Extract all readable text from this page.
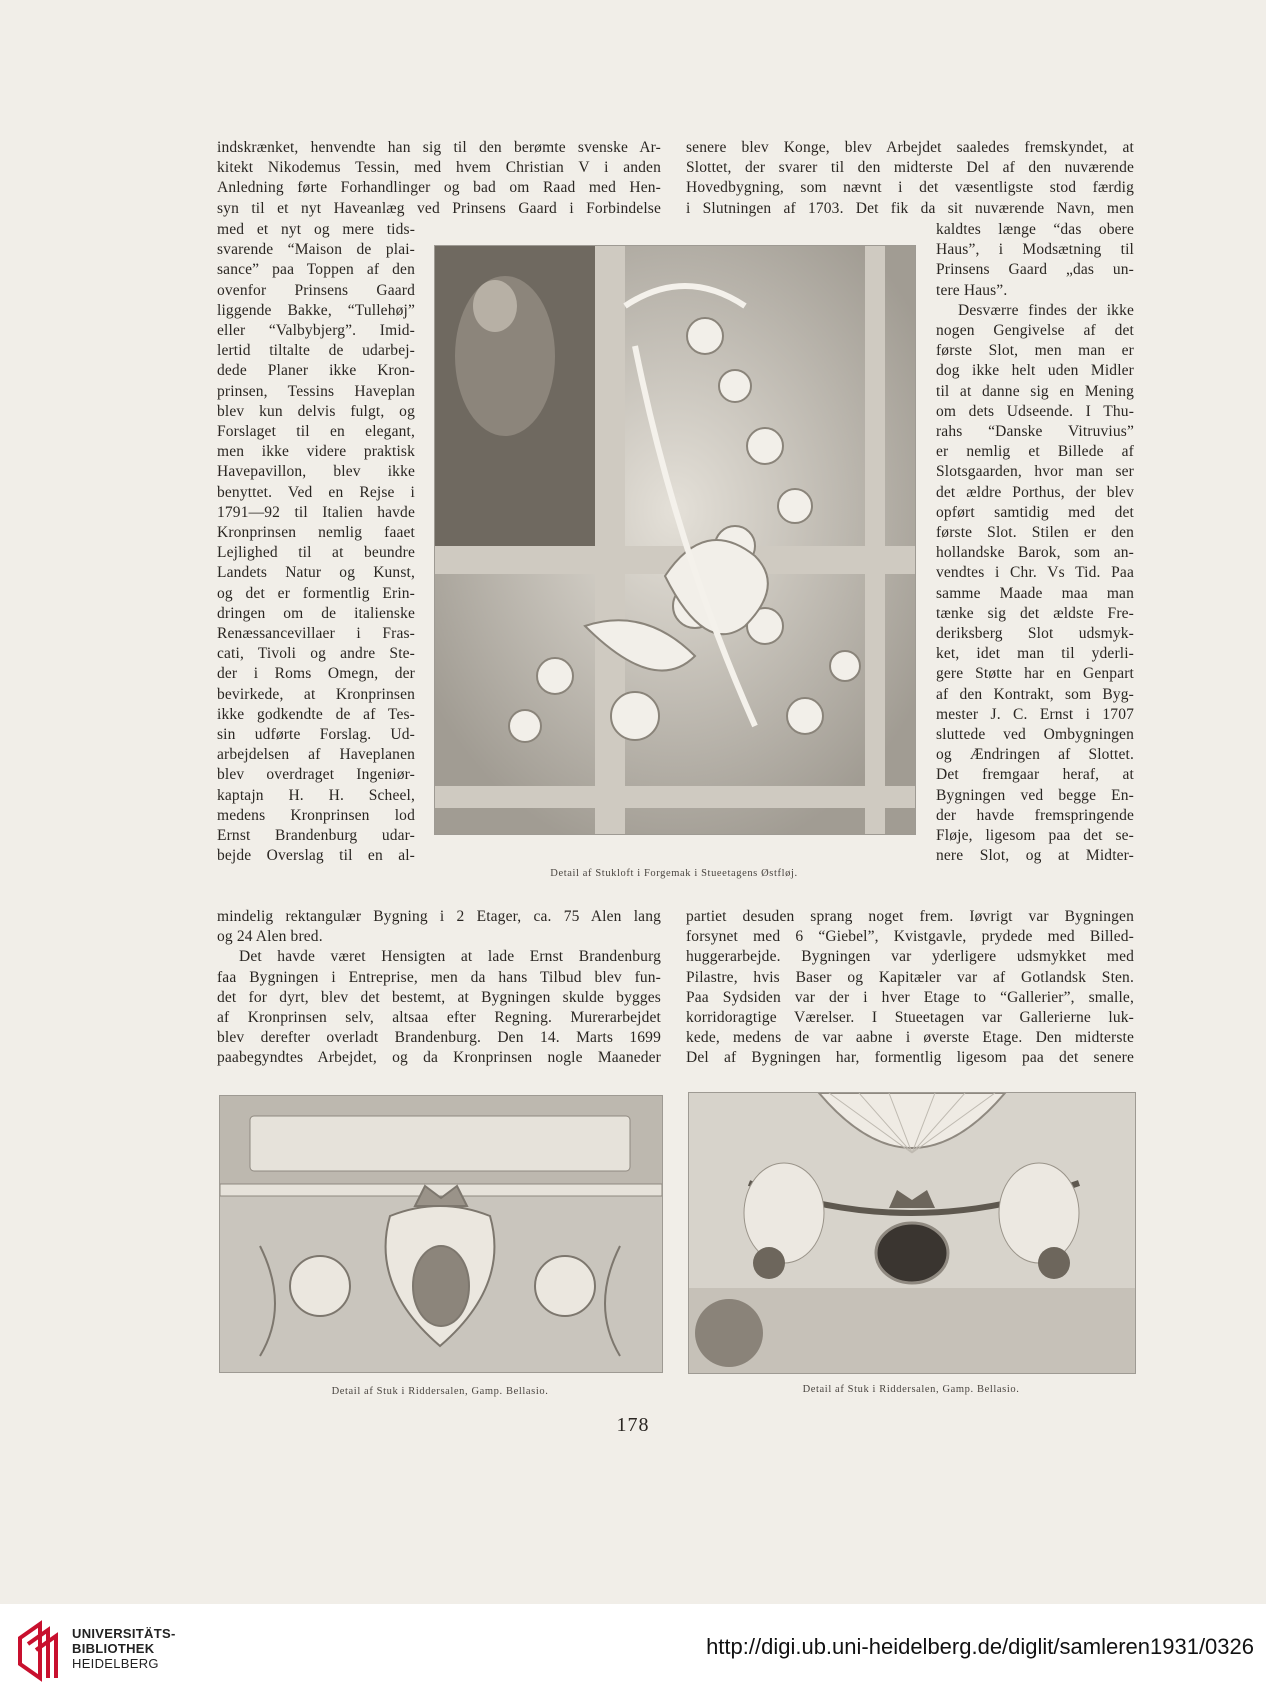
indskrænket, henvendte han sig til den berømte svenske Ar-
kitekt Nikodemus Tessin, med hvem Christian V i anden
Anledning førte Forhandlinger og bad om Raad med Hen-
syn til et nyt Haveanlæg ved Prinsens Gaard i Forbindelse
med et nyt og mere tids-
svarende “Maison de plai-
sance” paa Toppen af den
ovenfor Prinsens Gaard
liggende Bakke, “Tullehøj”
eller “Valbybjerg”. Imid-
lertid tiltalte de udarbej-
dede Planer ikke Kron-
prinsen, Tessins Haveplan
blev kun delvis fulgt, og
Forslaget til en elegant,
men ikke videre praktisk
Havepavillon, blev ikke
benyttet. Ved en Rejse i
1791—92 til Italien havde
Kronprinsen nemlig faaet
Lejlighed til at beundre
Landets Natur og Kunst,
og det er formentlig Erin-
dringen om de italienske
Renæssancevillaer i Fras-
cati, Tivoli og andre Ste-
der i Roms Omegn, der
bevirkede, at Kronprinsen
ikke godkendte de af Tes-
sin udførte Forslag. Ud-
arbejdelsen af Haveplanen
blev overdraget Ingeniør-
kaptajn H. H. Scheel,
medens Kronprinsen lod
Ernst Brandenburg udar-
bejde Overslag til en al-
mindelig rektangulær Bygning i 2 Etager, ca. 75 Alen lang
og 24 Alen bred.
Det havde været Hensigten at lade Ernst Brandenburg
faa Bygningen i Entreprise, men da hans Tilbud blev fun-
det for dyrt, blev det bestemt, at Bygningen skulde bygges
af Kronprinsen selv, altsaa efter Regning. Murerarbejdet
blev derefter overladt Brandenburg. Den 14. Marts 1699
paabegyndtes Arbejdet, og da Kronprinsen nogle Maaneder
senere blev Konge, blev Arbejdet saaledes fremskyndet, at
Slottet, der svarer til den midterste Del af den nuværende
Hovedbygning, som nævnt i det væsentligste stod færdig
i Slutningen af 1703. Det fik da sit nuværende Navn, men
kaldtes længe “das obere
Haus”, i Modsætning til
Prinsens Gaard „das un-
tere Haus”.
Desværre findes der ikke
nogen Gengivelse af det
første Slot, men man er
dog ikke helt uden Midler
til at danne sig en Mening
om dets Udseende. I Thu-
rahs “Danske Vitruvius”
er nemlig et Billede af
Slotsgaarden, hvor man ser
det ældre Porthus, der blev
opført samtidig med det
første Slot. Stilen er den
hollandske Barok, som an-
vendtes i Chr. Vs Tid. Paa
samme Maade maa man
tænke sig det ældste Fre-
deriksberg Slot udsmyk-
ket, idet man til yderli-
gere Støtte har en Genpart
af den Kontrakt, som Byg-
mester J. C. Ernst i 1707
sluttede ved Ombygningen
og Ændringen af Slottet.
Det fremgaar heraf, at
Bygningen ved begge En-
der havde fremspringende
Fløje, ligesom paa det se-
nere Slot, og at Midter-
partiet desuden sprang noget frem. Iøvrigt var Bygningen
forsynet med 6 “Giebel”, Kvistgavle, prydede med Billed-
huggerarbejde. Bygningen var yderligere udsmykket med
Pilastre, hvis Baser og Kapitæler var af Gotlandsk Sten.
Paa Sydsiden var der i hver Etage to “Gallerier”, smalle,
korridoragtige Værelser. I Stueetagen var Gallerierne luk-
kede, medens de var aabne i øverste Etage. Den midterste
Del af Bygningen har, formentlig ligesom paa det senere
Detail af Stukloft i Forgemak i Stueetagens Østfløj.
Detail af Stuk i Riddersalen, Gamp. Bellasio.	Detail af Stuk i Riddersalen, Gamp. Bellasio.
178
UNIVERSITÄTS-
BIBLIOTHEK
HEIDELBERG
http://digi.ub.uni-heidelberg.de/diglit/samleren1931/0326
